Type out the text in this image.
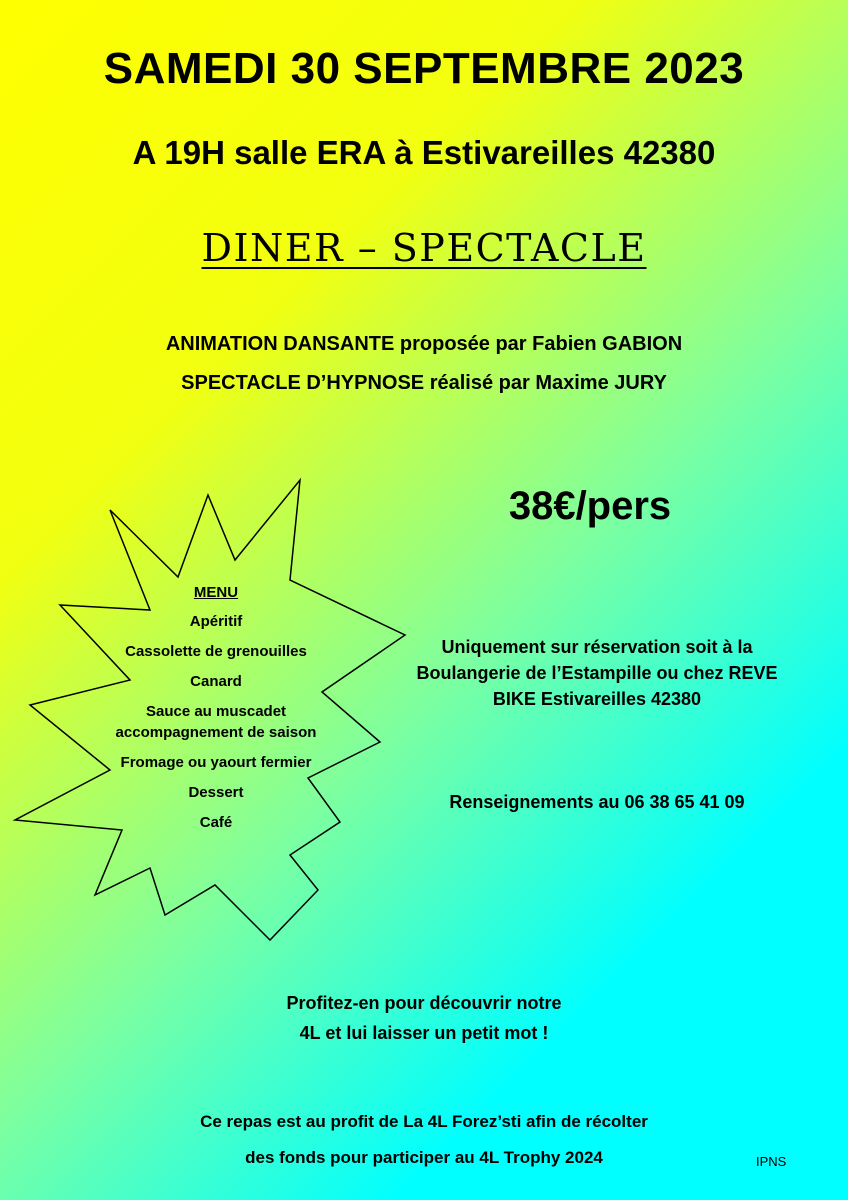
SAMEDI 30 SEPTEMBRE 2023
A 19H salle ERA à Estivareilles 42380
DINER – SPECTACLE
ANIMATION DANSANTE proposée par Fabien GABION
SPECTACLE D’HYPNOSE réalisé par Maxime JURY
MENU
Apéritif
Cassolette de grenouilles
Canard
Sauce au muscadet accompagnement de saison
Fromage ou yaourt fermier
Dessert
Café
38€/pers
Uniquement sur réservation soit à la Boulangerie de l’Estampille ou chez REVE BIKE Estivareilles 42380
Renseignements au 06 38 65 41 09
Profitez-en pour découvrir notre
4L et lui laisser un petit mot !
Ce repas est au profit de La 4L Forez’sti afin de récolter
des fonds pour participer au 4L Trophy 2024	IPNS
